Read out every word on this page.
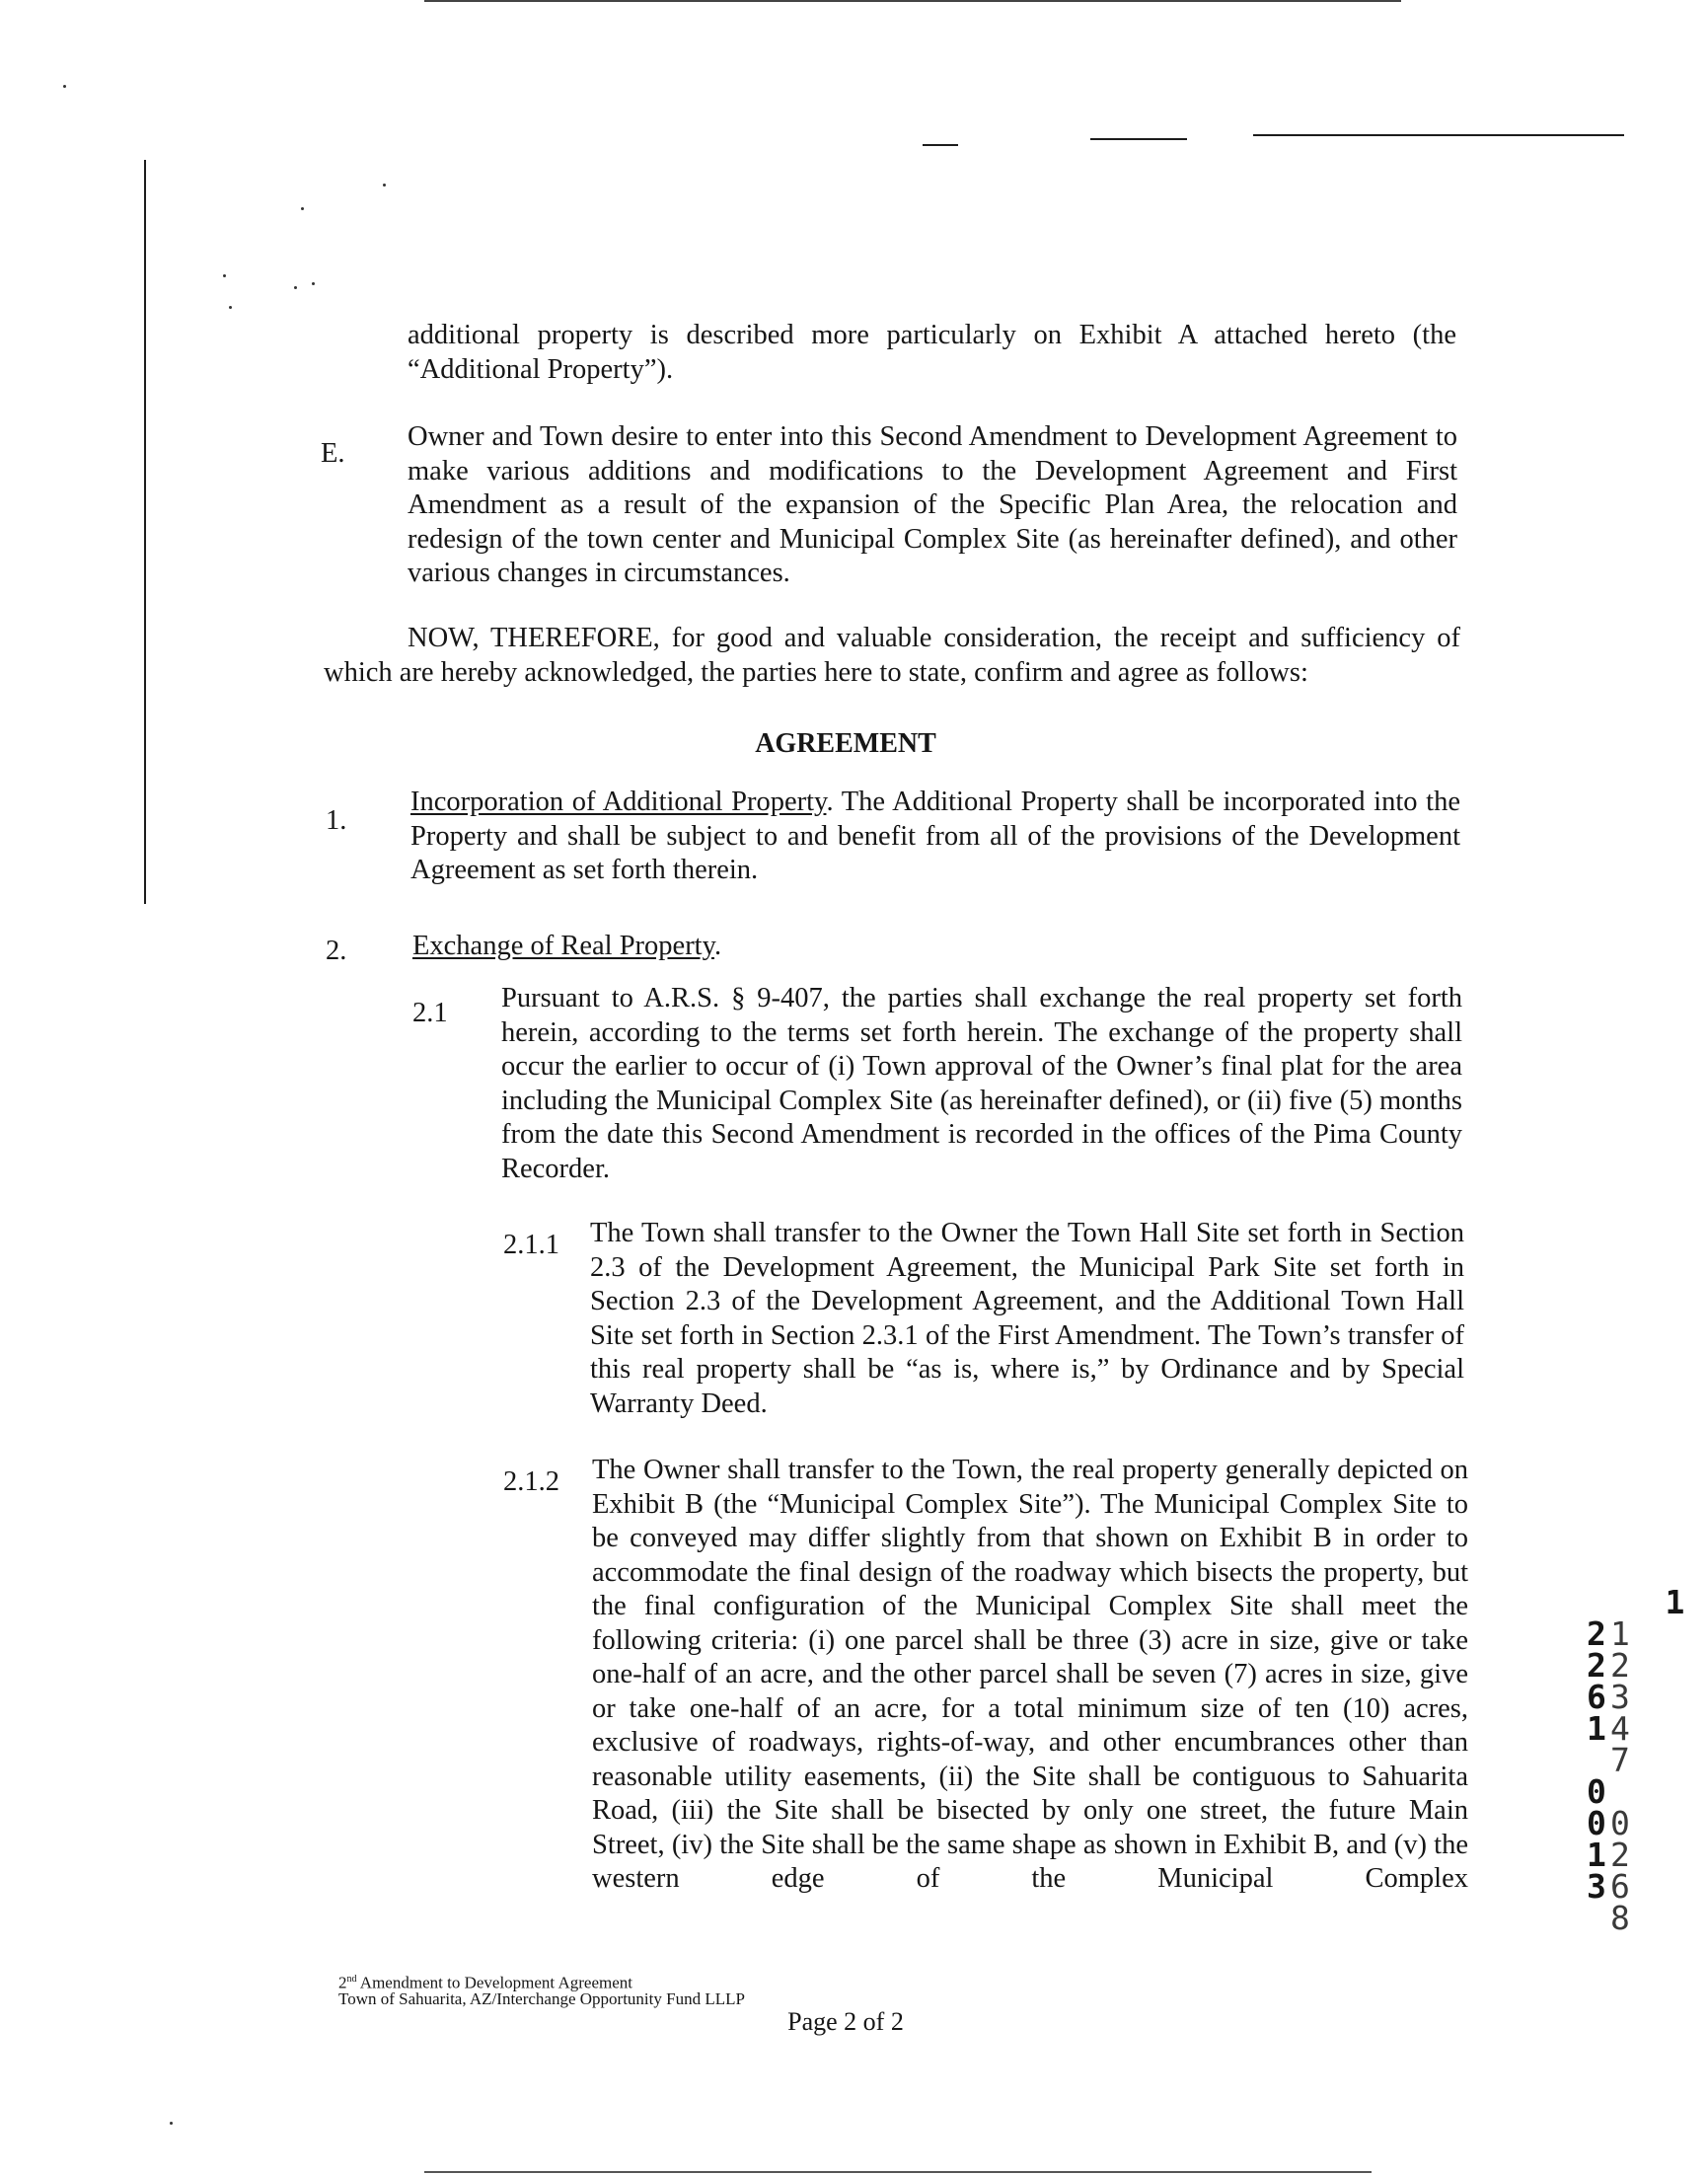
additional property is described more particularly on Exhibit A attached hereto (the “Additional Property”).
E.
Owner and Town desire to enter into this Second Amendment to Development Agreement to make various additions and modifications to the Development Agreement and First Amendment as a result of the expansion of the Specific Plan Area, the relocation and redesign of the town center and Municipal Complex Site (as hereinafter defined), and other various changes in circumstances.
NOW, THEREFORE, for good and valuable consideration, the receipt and sufficiency of which are hereby acknowledged, the parties here to state, confirm and agree as follows:
AGREEMENT
1.
Incorporation of Additional Property. The Additional Property shall be incorporated into the Property and shall be subject to and benefit from all of the provisions of the Development Agreement as set forth therein.
2. Exchange of Real Property.
2.1 Pursuant to A.R.S. § 9-407, the parties shall exchange the real property set forth herein, according to the terms set forth herein. The exchange of the property shall occur the earlier to occur of (i) Town approval of the Owner’s final plat for the area including the Municipal Complex Site (as hereinafter defined), or (ii) five (5) months from the date this Second Amendment is recorded in the offices of the Pima County Recorder.
2.1.1 The Town shall transfer to the Owner the Town Hall Site set forth in Section 2.3 of the Development Agreement, the Municipal Park Site set forth in Section 2.3 of the Development Agreement, and the Additional Town Hall Site set forth in Section 2.3.1 of the First Amendment. The Town’s transfer of this real property shall be “as is, where is,” by Ordinance and by Special Warranty Deed.
2.1.2 The Owner shall transfer to the Town, the real property generally depicted on Exhibit B (the “Municipal Complex Site”). The Municipal Complex Site to be conveyed may differ slightly from that shown on Exhibit B in order to accommodate the final design of the roadway which bisects the property, but the final configuration of the Municipal Complex Site shall meet the following criteria: (i) one parcel shall be three (3) acre in size, give or take one-half of an acre, and the other parcel shall be seven (7) acres in size, give or take one-half of an acre, for a total minimum size of ten (10) acres, exclusive of roadways, rights-of-way, and other encumbrances other than reasonable utility easements, (ii) the Site shall be contiguous to Sahuarita Road, (iii) the Site shall be bisected by only one street, the future Main Street, (iv) the Site shall be the same shape as shown in Exhibit B, and (v) the western edge of the Municipal Complex

1
2
2
6
1

0
0
1
3

1
2
3
4
7

0
2
6
8

2nd Amendment to Development Agreement
Town of Sahuarita, AZ/Interchange Opportunity Fund LLLP
Page 2 of 2
